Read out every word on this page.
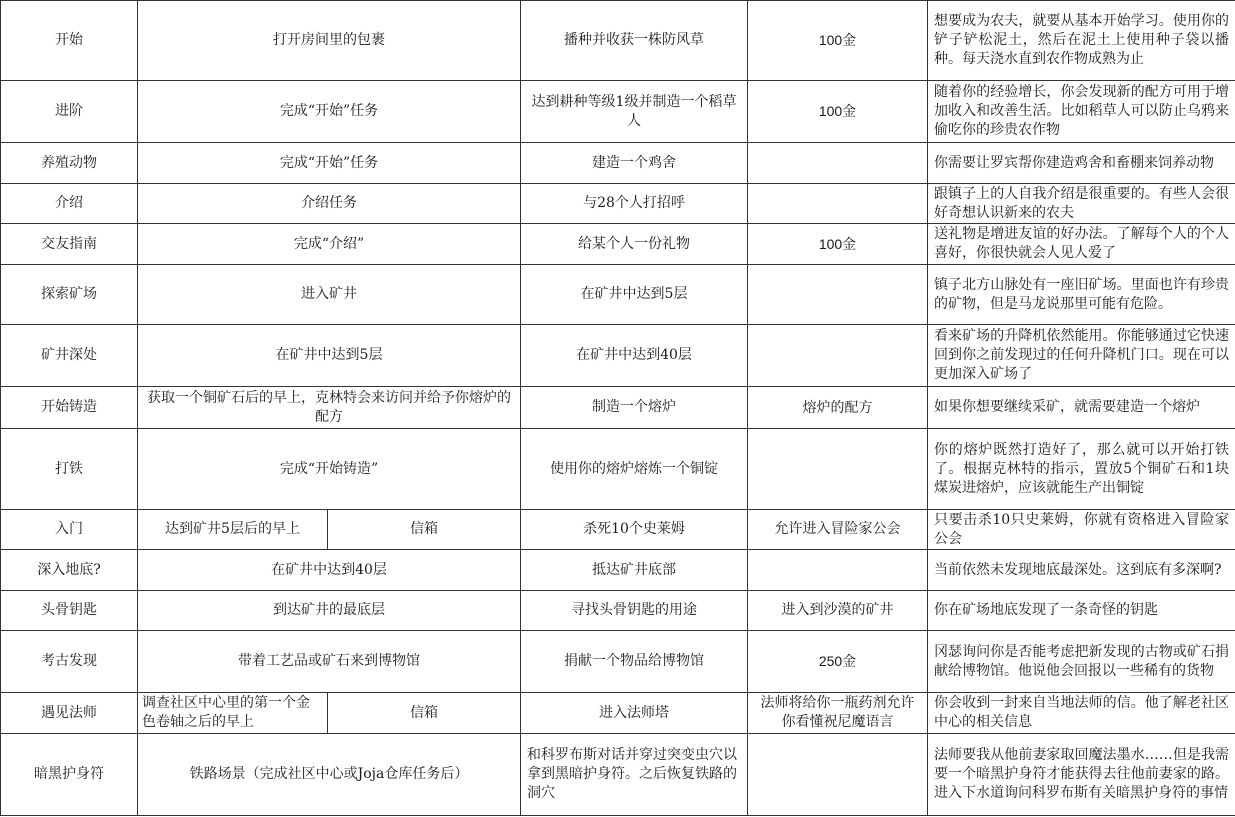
开始	打开房间里的包裹		播种并收获一株防风草	100金	想要成为农夫，就要从基本开始学习。使用你的铲子铲松泥土，然后在泥土上使用种子袋以播种。每天浇水直到农作物成熟为止
进阶	完成“开始”任务		达到耕种等级1级并制造一个稻草人	100金	随着你的经验增长，你会发现新的配方可用于增加收入和改善生活。比如稻草人可以防止乌鸦来偷吃你的珍贵农作物
养殖动物	完成“开始”任务		建造一个鸡舍		你需要让罗宾帮你建造鸡舍和畜棚来饲养动物
介绍	介绍任务		与28个人打招呼		跟镇子上的人自我介绍是很重要的。有些人会很好奇想认识新来的农夫
交友指南	完成“介绍”		给某个人一份礼物	100金	送礼物是增进友谊的好办法。了解每个人的个人喜好，你很快就会人见人爱了
探索矿场	进入矿井		在矿井中达到5层		镇子北方山脉处有一座旧矿场。里面也许有珍贵的矿物，但是马龙说那里可能有危险。
矿井深处	在矿井中达到5层		在矿井中达到40层		看来矿场的升降机依然能用。你能够通过它快速回到你之前发现过的任何升降机门口。现在可以更加深入矿场了
开始铸造	获取一个铜矿石后的早上，克林特会来访问并给予你熔炉的配方		制造一个熔炉	熔炉的配方	如果你想要继续采矿，就需要建造一个熔炉
打铁	完成“开始铸造”		使用你的熔炉熔炼一个铜锭		你的熔炉既然打造好了，那么就可以开始打铁了。根据克林特的指示，置放5个铜矿石和1块煤炭进熔炉，应该就能生产出铜锭
入门	达到矿井5层后的早上	信箱	杀死10个史莱姆	允许进入冒险家公会	只要击杀10只史莱姆，你就有资格进入冒险家公会
深入地底?	在矿井中达到40层		抵达矿井底部		当前依然未发现地底最深处。这到底有多深啊?
头骨钥匙	到达矿井的最底层		寻找头骨钥匙的用途	进入到沙漠的矿井	你在矿场地底发现了一条奇怪的钥匙
考古发现	带着工艺品或矿石来到博物馆		捐献一个物品给博物馆	250金	冈瑟询问你是否能考虑把新发现的古物或矿石捐献给博物馆。他说他会回报以一些稀有的货物
遇见法师	调查社区中心里的第一个金色卷轴之后的早上	信箱	进入法师塔	法师将给你一瓶药剂允许你看懂祝尼魔语言	你会收到一封来自当地法师的信。他了解老社区中心的相关信息
暗黑护身符	铁路场景（完成社区中心或Joja仓库任务后）		和科罗布斯对话并穿过突变虫穴以拿到黑暗护身符。之后恢复铁路的洞穴		法师要我从他前妻家取回魔法墨水……但是我需要一个暗黑护身符才能获得去往他前妻家的路。进入下水道询问科罗布斯有关暗黑护身符的事情
